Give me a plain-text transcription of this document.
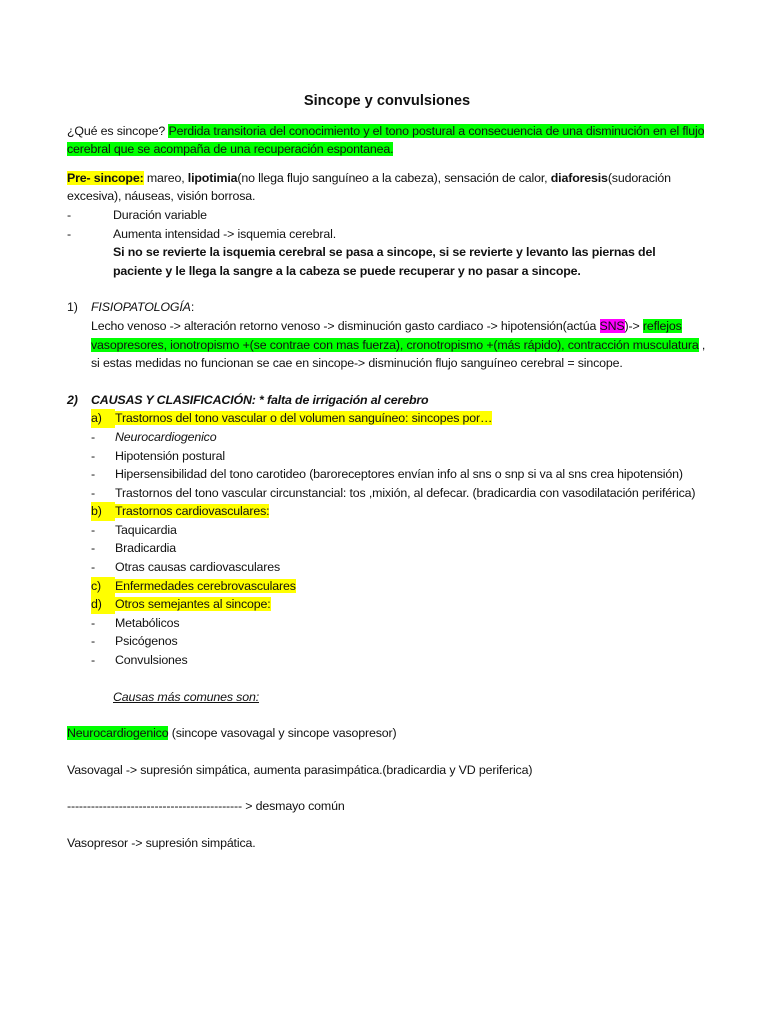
Sincope y convulsiones

¿Qué es sincope? Perdida transitoria del conocimiento y el tono postural a consecuencia de una disminución en el flujo cerebral que se acompaña de una recuperación espontanea.

Pre- sincope: mareo, lipotimia(no llega flujo sanguíneo a la cabeza), sensación de calor, diaforesis(sudoración excesiva), náuseas, visión borrosa.

-	Duración variable
-	Aumenta intensidad -> isquemia cerebral.

Si no se revierte la isquemia cerebral se pasa a sincope, si se revierte y levanto las piernas del paciente y le llega la sangre a la cabeza se puede recuperar y no pasar a sincope.

1)	FISIOPATOLOGÍA:

Lecho venoso -> alteración retorno venoso -> disminución gasto cardiaco -> hipotensión(actúa SNS)-> reflejos vasopresores, ionotropismo +(se contrae con mas fuerza), cronotropismo +(más rápido), contracción musculatura , si estas medidas no funcionan se cae en sincope-> disminución flujo sanguíneo cerebral = sincope.

2)	CAUSAS Y CLASIFICACIÓN: * falta de irrigación al cerebro
a)	Trastornos del tono vascular o del volumen sanguíneo: sincopes por…
-	Neurocardiogenico
-	Hipotensión postural
-	Hipersensibilidad del tono carotideo (baroreceptores envían info al sns o snp si va al sns crea hipotensión)
-	Trastornos del tono vascular circunstancial: tos ,mixión, al defecar. (bradicardia con vasodilatación periférica)
b)	Trastornos cardiovasculares:
-	Taquicardia
-	Bradicardia
-	Otras causas cardiovasculares
c)	Enfermedades cerebrovasculares
d)	Otros semejantes al sincope:
-	Metabólicos
-	Psicógenos
-	Convulsiones

Causas más comunes son:

Neurocardiogenico (sincope vasovagal y sincope vasopresor)

Vasovagal -> supresión simpática, aumenta parasimpática.(bradicardia y VD periferica)

-------------------------------------------- > desmayo común

Vasopresor -> supresión simpática.
